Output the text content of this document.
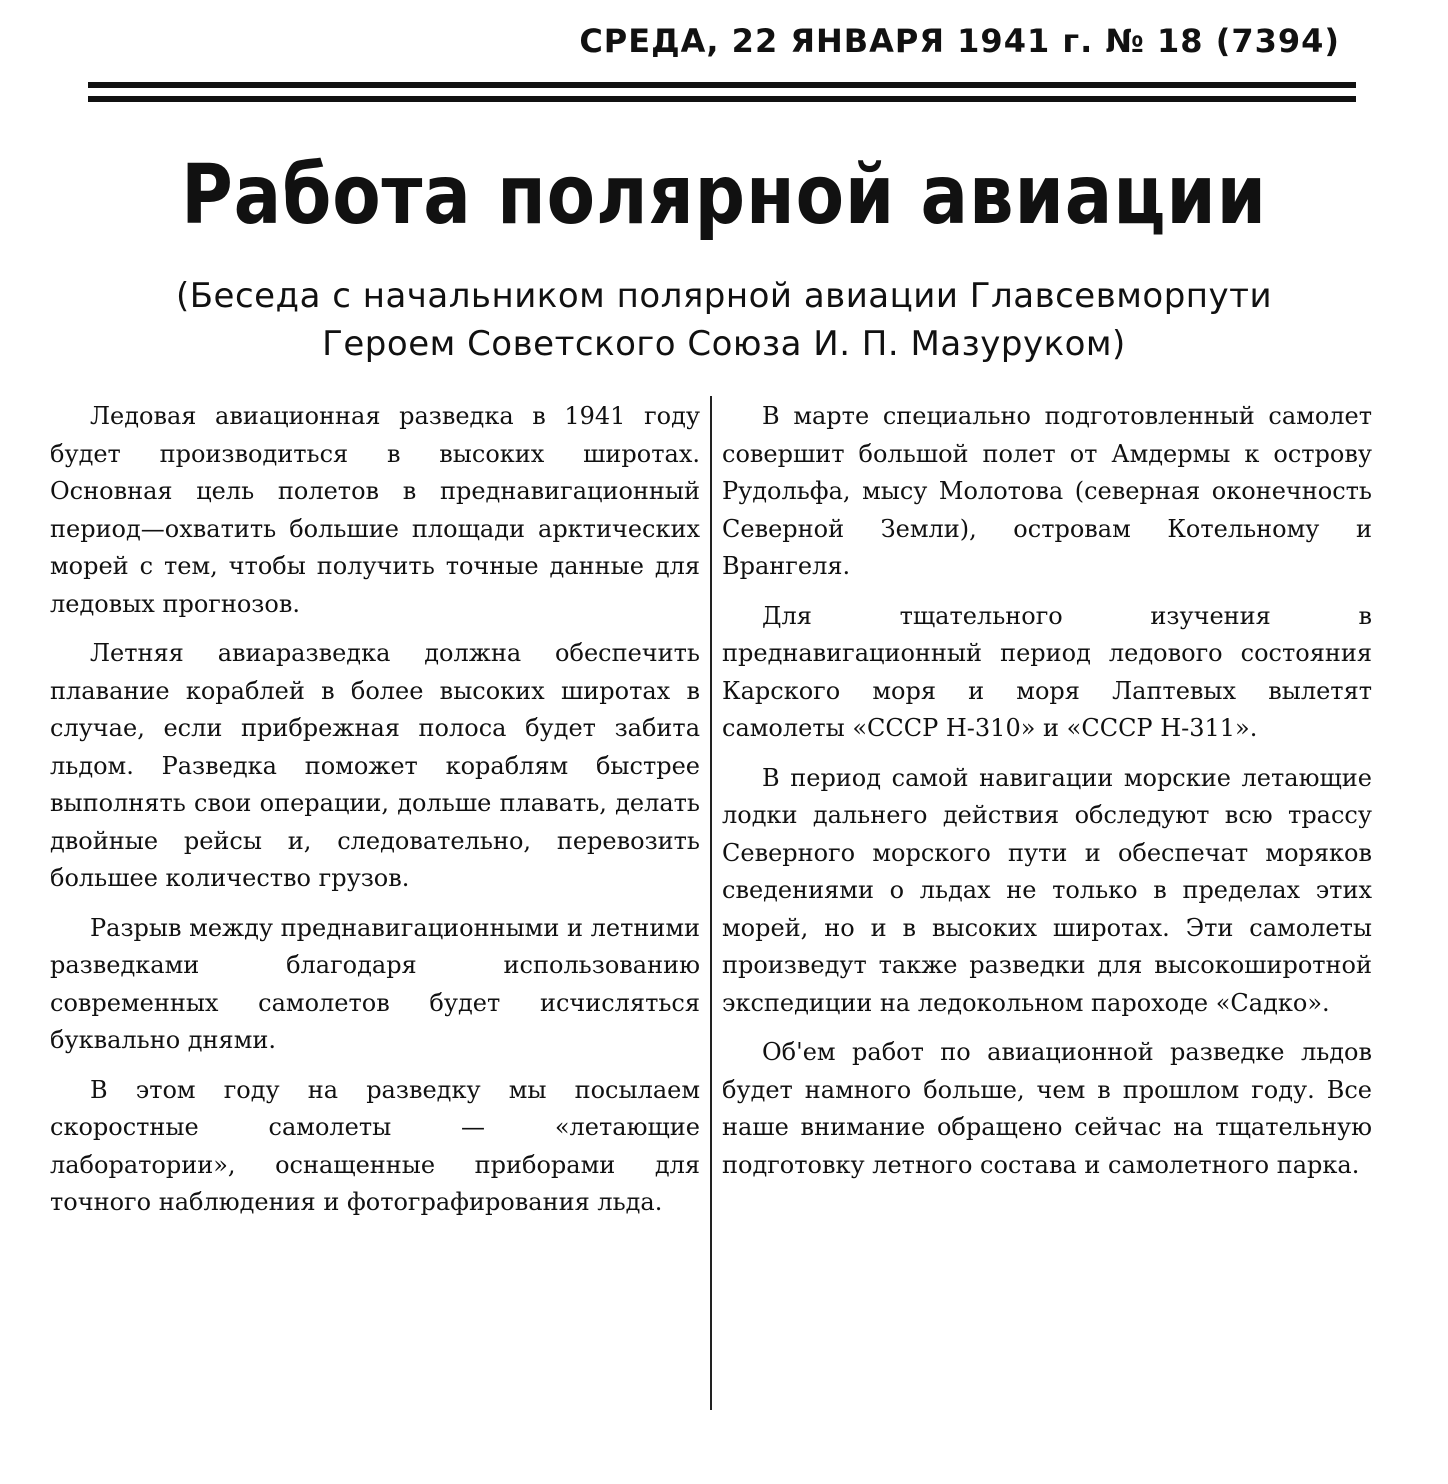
СРЕДА, 22 ЯНВАРЯ 1941 г. № 18 (7394)
Работа полярной авиации
(Беседа с начальником полярной авиации Главсевморпути
Героем Советского Союза И. П. Мазуруком)

Ледовая авиационная разведка в 1941 году будет производиться в высоких широтах. Основная цель полетов в преднавигационный период—охватить большие площади арктических морей с тем, чтобы получить точные данные для ледовых прогнозов.

Летняя авиаразведка должна обеспечить плавание кораблей в более высоких широтах в случае, если прибрежная полоса будет забита льдом. Разведка поможет кораблям быстрее выполнять свои операции, дольше плавать, делать двойные рейсы и, следовательно, перевозить большее количество грузов.

Разрыв между преднавигационными и летними разведками благодаря использованию современных самолетов будет исчисляться буквально днями.

В этом году на разведку мы посылаем скоростные самолеты — «летающие лаборатории», оснащенные приборами для точного наблюдения и фотографирования льда.

В марте специально подготовленный самолет совершит большой полет от Амдермы к острову Рудольфа, мысу Молотова (северная оконечность Северной Земли), островам Котельному и Врангеля.

Для тщательного изучения в преднавигационный период ледового состояния Карского моря и моря Лаптевых вылетят самолеты «СССР Н-310» и «СССР Н-311».

В период самой навигации морские летающие лодки дальнего действия обследуют всю трассу Северного морского пути и обеспечат моряков сведениями о льдах не только в пределах этих морей, но и в высоких широтах. Эти самолеты произведут также разведки для высокоширотной экспедиции на ледокольном пароходе «Садко».

Об'ем работ по авиационной разведке льдов будет намного больше, чем в прошлом году. Все наше внимание обращено сейчас на тщательную подготовку летного состава и самолетного парка.
